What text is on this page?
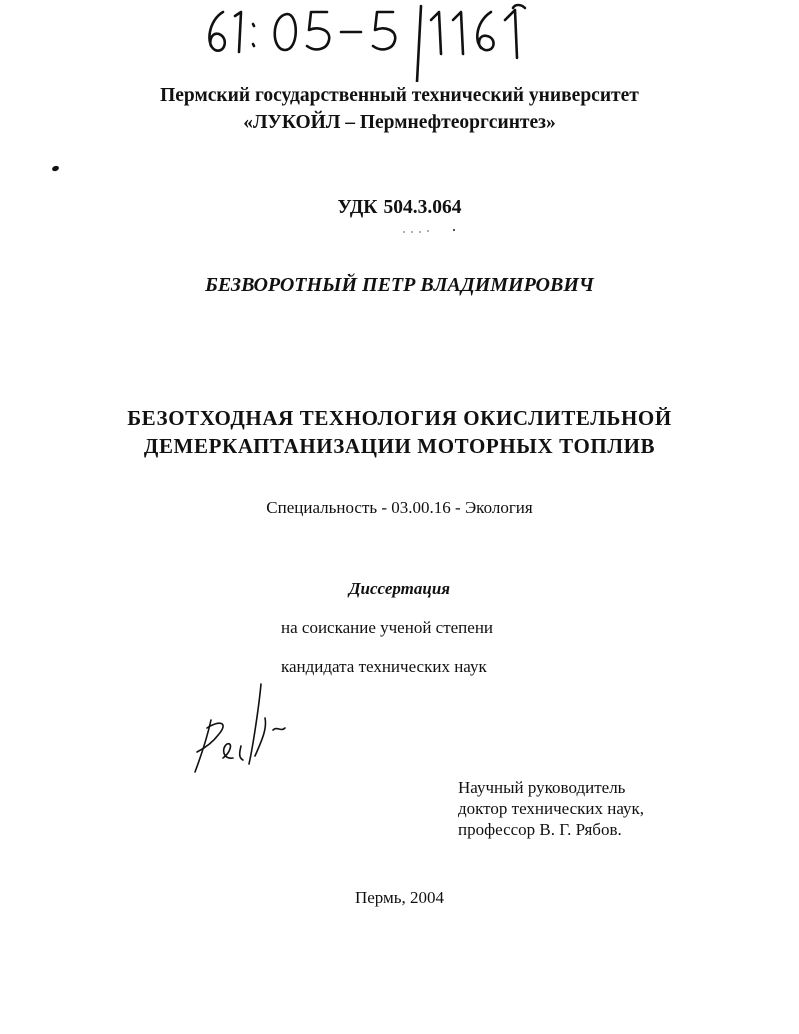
Пермский государственный технический университет
«ЛУКОЙЛ – Пермнефтеоргсинтез»
УДК 504.3.064
БЕЗВОРОТНЫЙ ПЕТР ВЛАДИМИРОВИЧ
БЕЗОТХОДНАЯ ТЕХНОЛОГИЯ ОКИСЛИТЕЛЬНОЙ
ДЕМЕРКАПТАНИЗАЦИИ МОТОРНЫХ ТОПЛИВ
Специальность - 03.00.16 - Экология
Диссертация
на соискание ученой степени
кандидата технических наук
Научный руководитель
доктор технических наук,
профессор В. Г. Рябов.
Пермь, 2004
